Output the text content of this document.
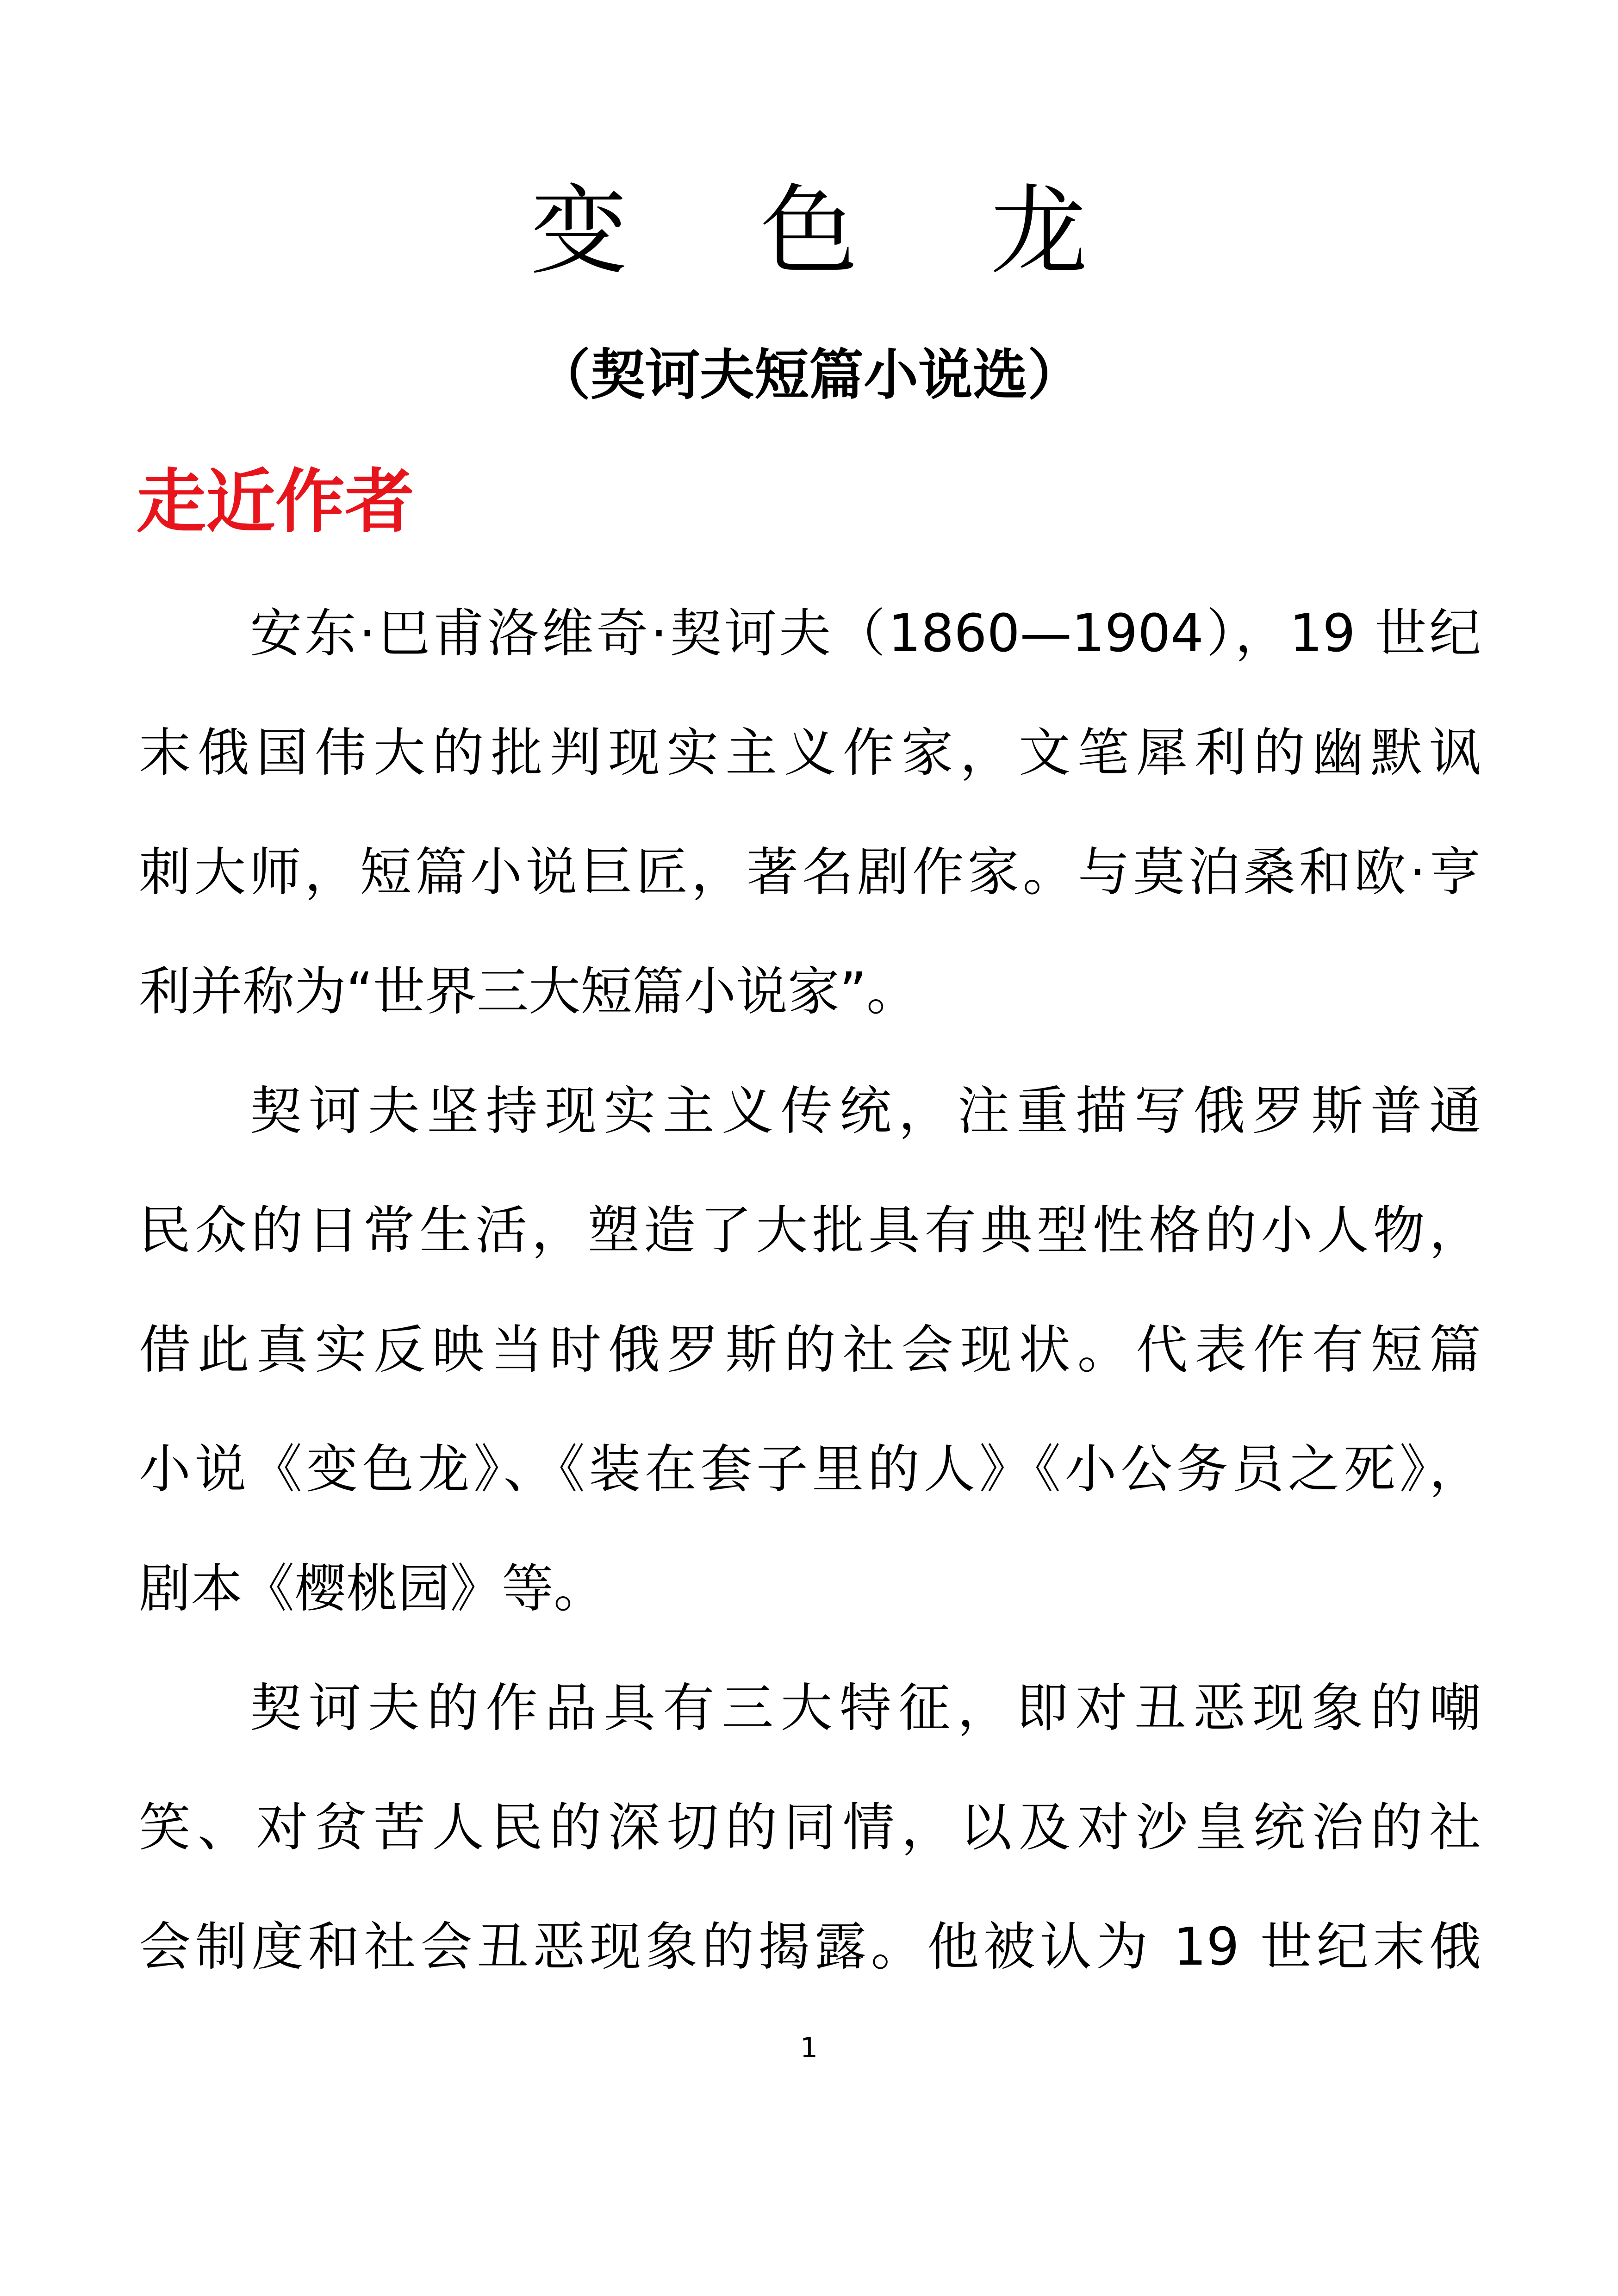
变 色 龙
（契诃夫短篇小说选）
走近作者
安东·巴甫洛维奇·契诃夫（1860—1904），19 世纪
末俄国伟大的批判现实主义作家，文笔犀利的幽默讽
刺大师，短篇小说巨匠，著名剧作家。与莫泊桑和欧·亨
利并称为“世界三大短篇小说家”。
契诃夫坚持现实主义传统，注重描写俄罗斯普通
民众的日常生活，塑造了大批具有典型性格的小人物，
借此真实反映当时俄罗斯的社会现状。代表作有短篇
小说《变色龙》、《装在套子里的人》《小公务员之死》，
剧本《樱桃园》等。
契诃夫的作品具有三大特征，即对丑恶现象的嘲
笑、对贫苦人民的深切的同情，以及对沙皇统治的社
会制度和社会丑恶现象的揭露。他被认为 19 世纪末俄
1
